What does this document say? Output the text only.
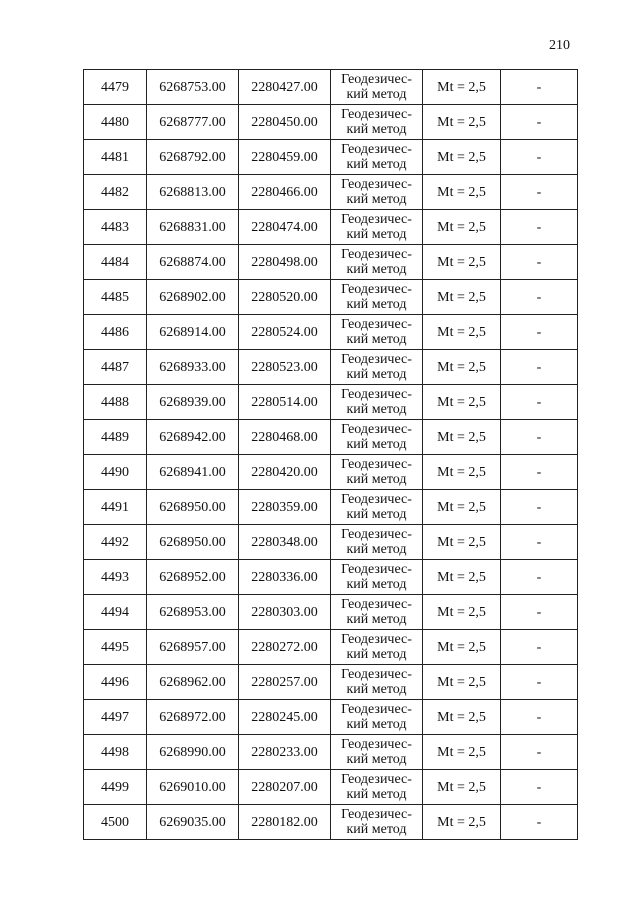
210
4479	6268753.00	2280427.00	Геодезичес-
кий метод	Mt = 2,5	-
4480	6268777.00	2280450.00	Геодезичес-
кий метод	Mt = 2,5	-
4481	6268792.00	2280459.00	Геодезичес-
кий метод	Mt = 2,5	-
4482	6268813.00	2280466.00	Геодезичес-
кий метод	Mt = 2,5	-
4483	6268831.00	2280474.00	Геодезичес-
кий метод	Mt = 2,5	-
4484	6268874.00	2280498.00	Геодезичес-
кий метод	Mt = 2,5	-
4485	6268902.00	2280520.00	Геодезичес-
кий метод	Mt = 2,5	-
4486	6268914.00	2280524.00	Геодезичес-
кий метод	Mt = 2,5	-
4487	6268933.00	2280523.00	Геодезичес-
кий метод	Mt = 2,5	-
4488	6268939.00	2280514.00	Геодезичес-
кий метод	Mt = 2,5	-
4489	6268942.00	2280468.00	Геодезичес-
кий метод	Mt = 2,5	-
4490	6268941.00	2280420.00	Геодезичес-
кий метод	Mt = 2,5	-
4491	6268950.00	2280359.00	Геодезичес-
кий метод	Mt = 2,5	-
4492	6268950.00	2280348.00	Геодезичес-
кий метод	Mt = 2,5	-
4493	6268952.00	2280336.00	Геодезичес-
кий метод	Mt = 2,5	-
4494	6268953.00	2280303.00	Геодезичес-
кий метод	Mt = 2,5	-
4495	6268957.00	2280272.00	Геодезичес-
кий метод	Mt = 2,5	-
4496	6268962.00	2280257.00	Геодезичес-
кий метод	Mt = 2,5	-
4497	6268972.00	2280245.00	Геодезичес-
кий метод	Mt = 2,5	-
4498	6268990.00	2280233.00	Геодезичес-
кий метод	Mt = 2,5	-
4499	6269010.00	2280207.00	Геодезичес-
кий метод	Mt = 2,5	-
4500	6269035.00	2280182.00	Геодезичес-
кий метод	Mt = 2,5	-
